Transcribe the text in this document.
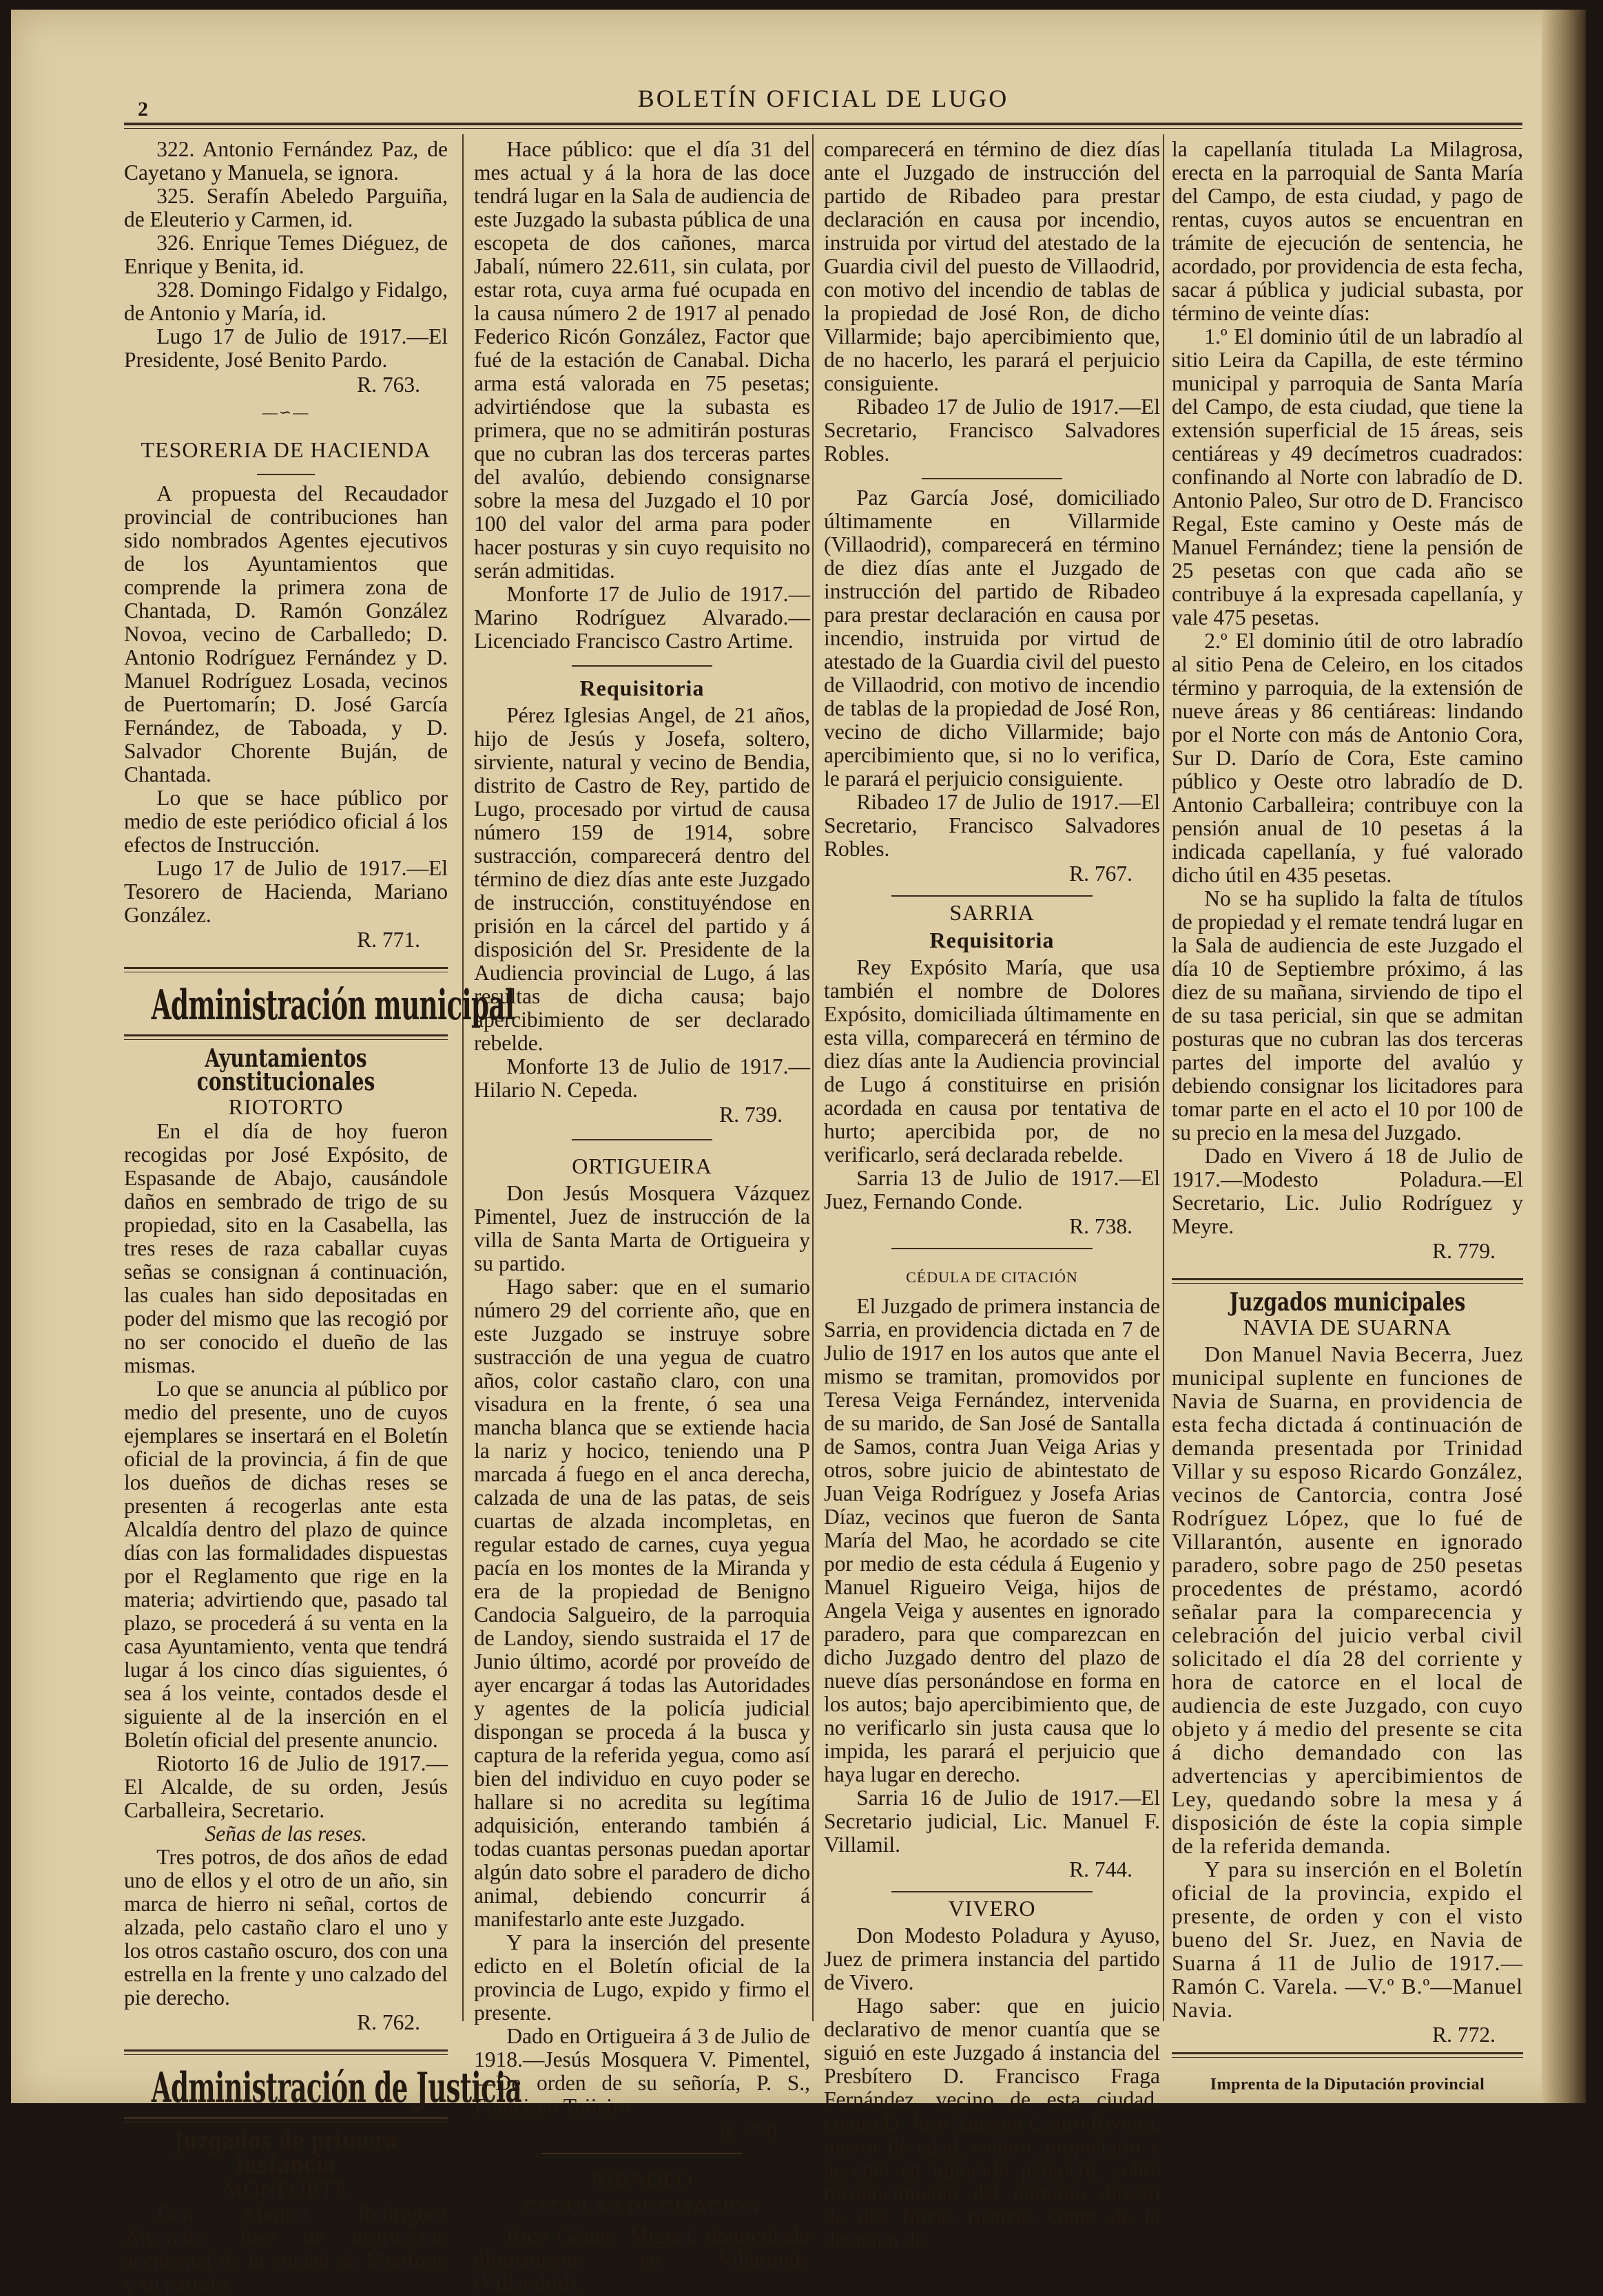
2	BOLETÍN OFICIAL DE LUGO

322. Antonio Fernández Paz, de Cayetano y Manuela, se ignora.

325. Serafín Abeledo Parguiña, de Eleuterio y Carmen, id.

326. Enrique Temes Diéguez, de Enrique y Benita, id.

328. Domingo Fidalgo y Fidalgo, de Antonio y María, id.

Lugo 17 de Julio de 1917.—El Presidente, José Benito Pardo.

R. 763.
—∽—
TESORERIA DE HACIENDA

A propuesta del Recaudador provincial de contribuciones han sido nombrados Agentes ejecutivos de los Ayuntamientos que comprende la primera zona de Chantada, D. Ramón González Novoa, vecino de Carballedo; D. Antonio Rodríguez Fernández y D. Manuel Rodríguez Losada, vecinos de Puertomarín; D. José García Fernández, de Taboada, y D. Salvador Chorente Buján, de Chantada.

Lo que se hace público por medio de este periódico oficial á los efectos de Instrucción.

Lugo 17 de Julio de 1917.—El Tesorero de Hacienda, Mariano González.

R. 771.
Administración municipal
Ayuntamientos constitucionales
RIOTORTO

En el día de hoy fueron recogidas por José Expósito, de Espasande de Abajo, causándole daños en sembrado de trigo de su propiedad, sito en la Casabella, las tres reses de raza caballar cuyas señas se consignan á continuación, las cuales han sido depositadas en poder del mismo que las recogió por no ser conocido el dueño de las mismas.

Lo que se anuncia al público por medio del presente, uno de cuyos ejemplares se insertará en el Boletín oficial de la provincia, á fin de que los dueños de dichas reses se presenten á recogerlas ante esta Alcaldía dentro del plazo de quince días con las formalidades dispuestas por el Reglamento que rige en la materia; advirtiendo que, pasado tal plazo, se procederá á su venta en la casa Ayuntamiento, venta que tendrá lugar á los cinco días siguientes, ó sea á los veinte, contados desde el siguiente al de la inserción en el Boletín oficial del presente anuncio.

Riotorto 16 de Julio de 1917.—El Alcalde, de su orden, Jesús Carballeira, Secretario.

Señas de las reses.

Tres potros, de dos años de edad uno de ellos y el otro de un año, sin marca de hierro ni señal, cortos de alzada, pelo castaño claro el uno y los otros castaño oscuro, dos con una estrella en la frente y uno calzado del pie derecho.

R. 762.
Administración de Justicia
Juzgados de primera instancia
MONFORTE

Don Marino Rodríguez Alvarado, Juez de instrucción accidental de la ciudad de Monforte y su partido.

Hace público: que el día 31 del mes actual y á la hora de las doce tendrá lugar en la Sala de audiencia de este Juzgado la subasta pública de una escopeta de dos cañones, marca Jabalí, número 22.611, sin culata, por estar rota, cuya arma fué ocupada en la causa número 2 de 1917 al penado Federico Ricón González, Factor que fué de la estación de Canabal. Dicha arma está valorada en 75 pesetas; advirtiéndose que la subasta es primera, que no se admitirán posturas que no cubran las dos terceras partes del avalúo, debiendo consignarse sobre la mesa del Juzgado el 10 por 100 del valor del arma para poder hacer posturas y sin cuyo requisito no serán admitidas.

Monforte 17 de Julio de 1917.—Marino Rodríguez Alvarado.—Licenciado Francisco Castro Artime.

Requisitoria

Pérez Iglesias Angel, de 21 años, hijo de Jesús y Josefa, soltero, sirviente, natural y vecino de Bendia, distrito de Castro de Rey, partido de Lugo, procesado por virtud de causa número 159 de 1914, sobre sustracción, comparecerá dentro del término de diez días ante este Juzgado de instrucción, constituyéndose en prisión en la cárcel del partido y á disposición del Sr. Presidente de la Audiencia provincial de Lugo, á las resultas de dicha causa; bajo apercibimiento de ser declarado rebelde.

Monforte 13 de Julio de 1917.—Hilario N. Cepeda.

R. 739.
ORTIGUEIRA

Don Jesús Mosquera Vázquez Pimentel, Juez de instrucción de la villa de Santa Marta de Ortigueira y su partido.

Hago saber: que en el sumario número 29 del corriente año, que en este Juzgado se instruye sobre sustracción de una yegua de cuatro años, color castaño claro, con una visadura en la frente, ó sea una mancha blanca que se extiende hacia la nariz y hocico, teniendo una P marcada á fuego en el anca derecha, calzada de una de las patas, de seis cuartas de alzada incompletas, en regular estado de carnes, cuya yegua pacía en los montes de la Miranda y era de la propiedad de Benigno Candocia Salgueiro, de la parroquia de Landoy, siendo sustraida el 17 de Junio último, acordé por proveído de ayer encargar á todas las Autoridades y agentes de la policía judicial dispongan se proceda á la busca y captura de la referida yegua, como así bien del individuo en cuyo poder se hallare si no acredita su legítima adquisición, enterando también á todas cuantas personas puedan aportar algún dato sobre el paradero de dicho animal, debiendo concurrir á manifestarlo ante este Juzgado.

Y para la inserción del presente edicto en el Boletín oficial de la provincia de Lugo, expido y firmo el presente.

Dado en Ortigueira á 3 de Julio de 1918.—Jesús Mosquera V. Pimentel, —De orden de su señoría, P. S., Francisco Teijeiro.

R. 750.
RIBADEO
CÉDULAS DE CITACIÓN

Rico Gómez Miguel, domiciliado últimamente en Villarmide (Villaodrid),

comparecerá en término de diez días ante el Juzgado de instrucción del partido de Ribadeo para prestar declaración en causa por incendio, instruida por virtud del atestado de la Guardia civil del puesto de Villaodrid, con motivo del incendio de tablas de la propiedad de José Ron, de dicho Villarmide; bajo apercibimiento que, de no hacerlo, les parará el perjuicio consiguiente.

Ribadeo 17 de Julio de 1917.—El Secretario, Francisco Salvadores Robles.

Paz García José, domiciliado últimamente en Villarmide (Villaodrid), comparecerá en término de diez días ante el Juzgado de instrucción del partido de Ribadeo para prestar declaración en causa por incendio, instruida por virtud de atestado de la Guardia civil del puesto de Villaodrid, con motivo de incendio de tablas de la propiedad de José Ron, vecino de dicho Villarmide; bajo apercibimiento que, si no lo verifica, le parará el perjuicio consiguiente.

Ribadeo 17 de Julio de 1917.—El Secretario, Francisco Salvadores Robles.

R. 767.
SARRIA
Requisitoria

Rey Expósito María, que usa también el nombre de Dolores Expósito, domiciliada últimamente en esta villa, comparecerá en término de diez días ante la Audiencia provincial de Lugo á constituirse en prisión acordada en causa por tentativa de hurto; apercibida por, de no verificarlo, será declarada rebelde.

Sarria 13 de Julio de 1917.—El Juez, Fernando Conde.

R. 738.
CÉDULA DE CITACIÓN

El Juzgado de primera instancia de Sarria, en providencia dictada en 7 de Julio de 1917 en los autos que ante el mismo se tramitan, promovidos por Teresa Veiga Fernández, intervenida de su marido, de San José de Santalla de Samos, contra Juan Veiga Arias y otros, sobre juicio de abintestato de Juan Veiga Rodríguez y Josefa Arias Díaz, vecinos que fueron de Santa María del Mao, he acordado se cite por medio de esta cédula á Eugenio y Manuel Rigueiro Veiga, hijos de Angela Veiga y ausentes en ignorado paradero, para que comparezcan en dicho Juzgado dentro del plazo de nueve días personándose en forma en los autos; bajo apercibimiento que, de no verificarlo sin justa causa que lo impida, les parará el perjuicio que haya lugar en derecho.

Sarria 16 de Julio de 1917.—El Secretario judicial, Lic. Manuel F. Villamil.

R. 744.
VIVERO

Don Modesto Poladura y Ayuso, Juez de primera instancia del partido de Vivero.

Hago saber: que en juicio declarativo de menor cuantía que se siguió en este Juzgado á instancia del Presbítero D. Francisco Fraga Fernández, vecino de esta ciudad, contra D. José Antonio Castro Riveira, mayor de edad, soltero, propietario y ausente en ignorado paradero, sobre reconocimiento del dominio directo de dos fincas rústicas como de la dotación de

la capellanía titulada La Milagrosa, erecta en la parroquial de Santa María del Campo, de esta ciudad, y pago de rentas, cuyos autos se encuentran en trámite de ejecución de sentencia, he acordado, por providencia de esta fecha, sacar á pública y judicial subasta, por término de veinte días:

1.º El dominio útil de un labradío al sitio Leira da Capilla, de este término municipal y parroquia de Santa María del Campo, de esta ciudad, que tiene la extensión superficial de 15 áreas, seis centiáreas y 49 decímetros cuadrados: confinando al Norte con labradío de D. Antonio Paleo, Sur otro de D. Francisco Regal, Este camino y Oeste más de Manuel Fernández; tiene la pensión de 25 pesetas con que cada año se contribuye á la expresada capellanía, y vale 475 pesetas.

2.º El dominio útil de otro labradío al sitio Pena de Celeiro, en los citados término y parroquia, de la extensión de nueve áreas y 86 centiáreas: lindando por el Norte con más de Antonio Cora, Sur D. Darío de Cora, Este camino público y Oeste otro labradío de D. Antonio Carballeira; contribuye con la pensión anual de 10 pesetas á la indicada capellanía, y fué valorado dicho útil en 435 pesetas.

No se ha suplido la falta de títulos de propiedad y el remate tendrá lugar en la Sala de audiencia de este Juzgado el día 10 de Septiembre próximo, á las diez de su mañana, sirviendo de tipo el de su tasa pericial, sin que se admitan posturas que no cubran las dos terceras partes del importe del avalúo y debiendo consignar los licitadores para tomar parte en el acto el 10 por 100 de su precio en la mesa del Juzgado.

Dado en Vivero á 18 de Julio de 1917.—Modesto Poladura.—El Secretario, Lic. Julio Rodríguez y Meyre.

R. 779.
Juzgados municipales
NAVIA DE SUARNA

Don Manuel Navia Becerra, Juez municipal suplente en funciones de Navia de Suarna, en providencia de esta fecha dictada á continuación de demanda presentada por Trinidad Villar y su esposo Ricardo González, vecinos de Cantorcia, contra José Rodríguez López, que lo fué de Villarantón, ausente en ignorado paradero, sobre pago de 250 pesetas procedentes de préstamo, acordó señalar para la comparecencia y celebración del juicio verbal civil solicitado el día 28 del corriente y hora de catorce en el local de audiencia de este Juzgado, con cuyo objeto y á medio del presente se cita á dicho demandado con las advertencias y apercibimientos de Ley, quedando sobre la mesa y á disposición de éste la copia simple de la referida demanda.

Y para su inserción en el Boletín oficial de la provincia, expido el presente, de orden y con el visto bueno del Sr. Juez, en Navia de Suarna á 11 de Julio de 1917.—Ramón C. Varela. —V.º B.º—Manuel Navia.

R. 772.
Imprenta de la Diputación provincial
